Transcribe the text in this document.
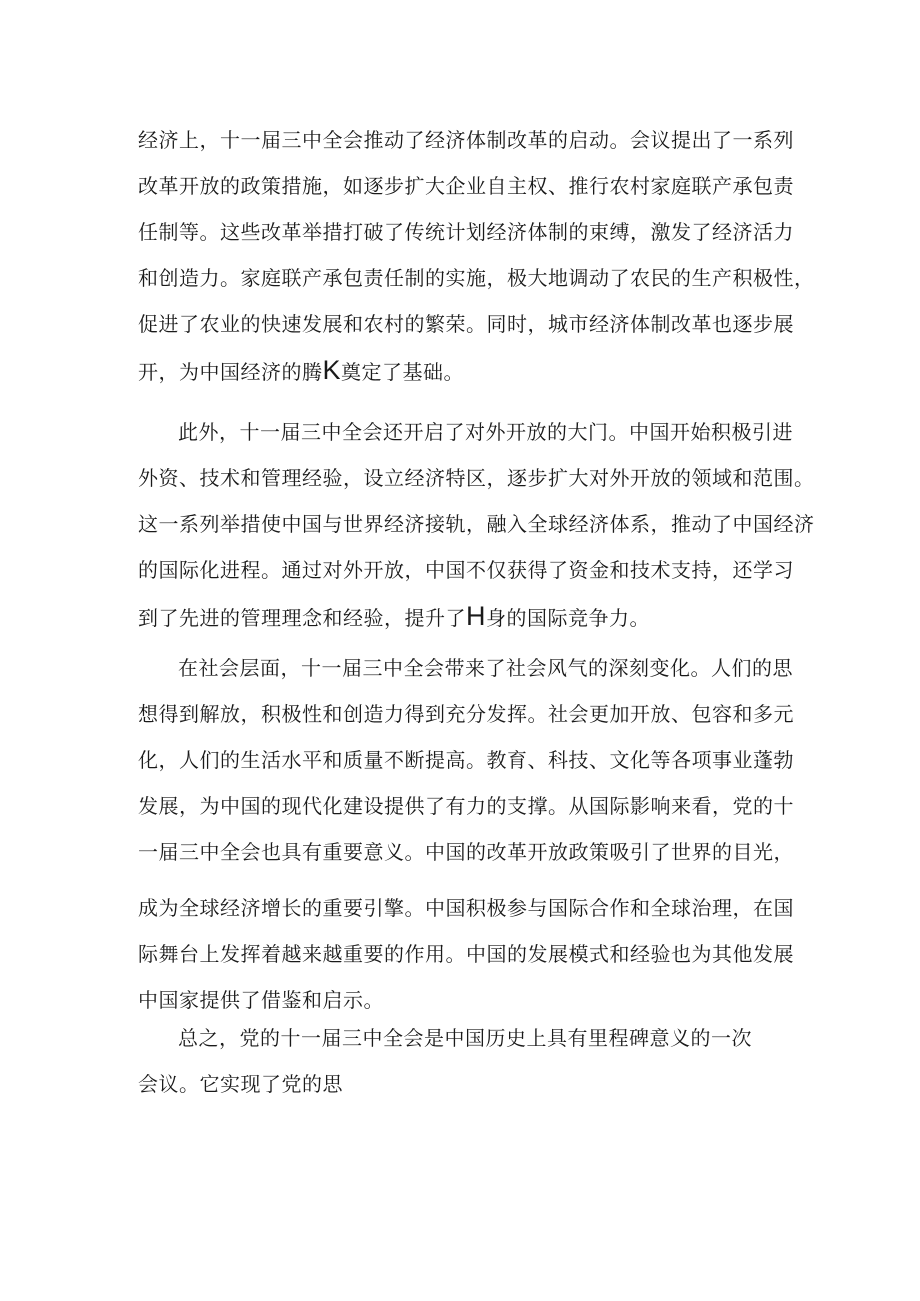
经济上，十一届三中全会推动了经济体制改革的启动。会议提出了一系列
改革开放的政策措施，如逐步扩大企业自主权、推行农村家庭联产承包责
任制等。这些改革举措打破了传统计划经济体制的束缚，激发了经济活力
和创造力。家庭联产承包责任制的实施，极大地调动了农民的生产积极性，
促进了农业的快速发展和农村的繁荣。同时，城市经济体制改革也逐步展
开，为中国经济的腾K奠定了基础。
此外，十一届三中全会还开启了对外开放的大门。中国开始积极引进
外资、技术和管理经验，设立经济特区，逐步扩大对外开放的领域和范围。
这一系列举措使中国与世界经济接轨，融入全球经济体系，推动了中国经济
的国际化进程。通过对外开放，中国不仅获得了资金和技术支持，还学习
到了先进的管理理念和经验，提升了H身的国际竞争力。
在社会层面，十一届三中全会带来了社会风气的深刻变化。人们的思
想得到解放，积极性和创造力得到充分发挥。社会更加开放、包容和多元
化，人们的生活水平和质量不断提高。教育、科技、文化等各项事业蓬勃
发展，为中国的现代化建设提供了有力的支撑。从国际影响来看，党的十
一届三中全会也具有重要意义。中国的改革开放政策吸引了世界的目光，
成为全球经济增长的重要引擎。中国积极参与国际合作和全球治理，在国
际舞台上发挥着越来越重要的作用。中国的发展模式和经验也为其他发展
中国家提供了借鉴和启示。
总之，党的十一届三中全会是中国历史上具有里程碑意义的一次
会议。它实现了党的思
